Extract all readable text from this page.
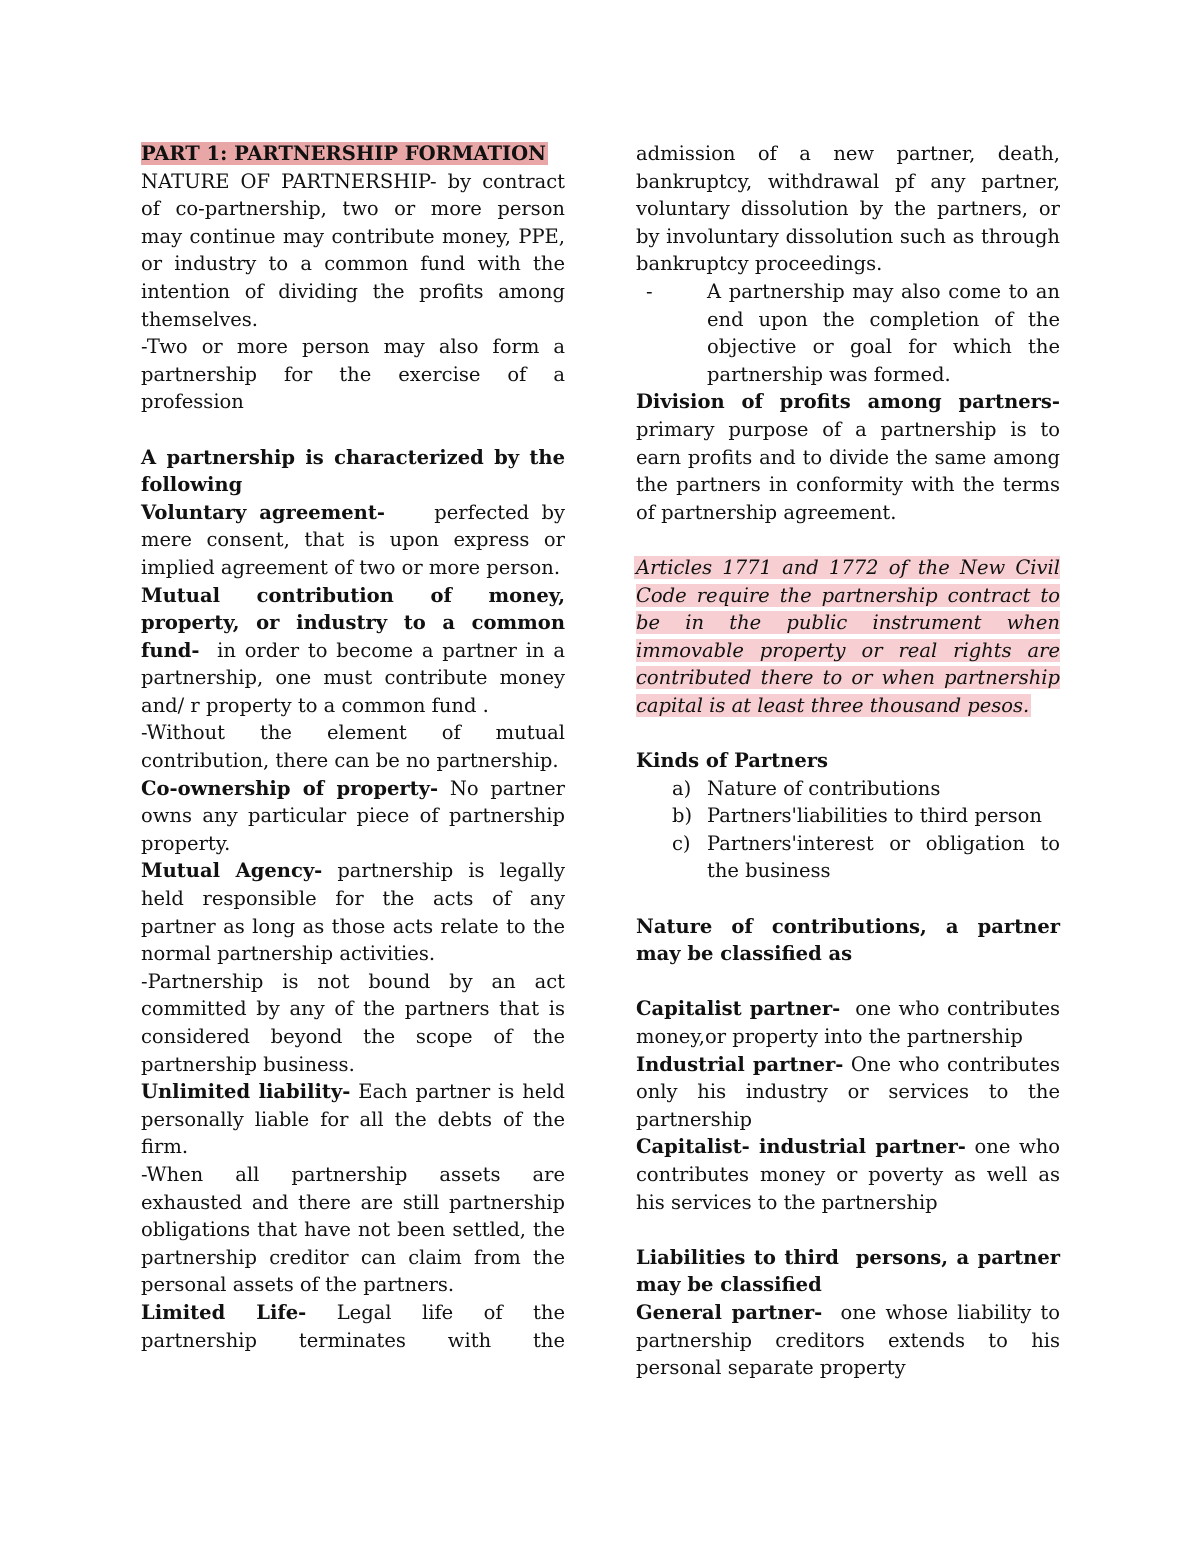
PART 1: PARTNERSHIP FORMATION

NATURE OF PARTNERSHIP- by contract of co-partnership, two or more person may continue may contribute money, PPE, or industry to a common fund with the intention of dividing the profits among themselves.

-Two or more person may also form a partnership for the exercise of a profession

A partnership is characterized by the following

Voluntary agreement-	perfected by mere consent, that is upon express or implied agreement of two or more person.

Mutual contribution of money, property, or industry to a common fund- in order to become a partner in a partnership, one must contribute money and/ r property to a common fund .

-Without the element of mutual contribution, there can be no partnership.

Co-ownership of property- No partner owns any particular piece of partnership property.

Mutual Agency- partnership is legally held responsible for the acts of any partner as long as those acts relate to the normal partnership activities.

-Partnership is not bound by an act committed by any of the partners that is considered beyond the scope of the partnership business.

Unlimited liability- Each partner is held personally liable for all the debts of the firm.

-When all partnership assets are exhausted and there are still partnership obligations that have not been settled, the partnership creditor can claim from the personal assets of the partners.

Limited Life- Legal life of the partnership terminates with the

admission of a new partner, death, bankruptcy, withdrawal pf any partner, voluntary dissolution by the partners, or by involuntary dissolution such as through bankruptcy proceedings.

-	A partnership may also come to an end upon the completion of the objective or goal for which the partnership was formed.

Division of profits among partners-primary purpose of a partnership is to earn profits and to divide the same among the partners in conformity with the terms of partnership agreement.

Articles 1771 and 1772 of the New Civil Code require the partnership contract to be in the public instrument when immovable property or real rights are contributed there to or when partnership capital is at least three thousand pesos.

Kinds of Partners

a) Nature of contributions
b) Partners'liabilities to third person
c) Partners'interest or obligation to the business

Nature of contributions, a partner may be classified as

Capitalist partner- one who contributes money,or property into the partnership

Industrial partner- One who contributes only his industry or services to the partnership

Capitalist- industrial partner- one who contributes money or poverty as well as his services to the partnership

Liabilities to third  persons, a partner may be classified

General partner- one whose liability to partnership creditors extends to his personal separate property
